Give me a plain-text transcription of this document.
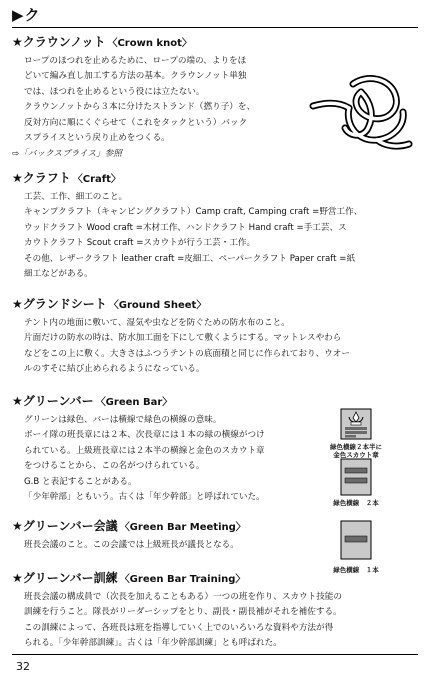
▶ク
★クラウンノット 〈Crown knot〉

ロープのほつれを止めるために、ロープの端の、よりをほ

どいて編み直し加工する方法の基本。クラウンノット単独

では、ほつれを止めるという役には立たない。

クラウンノットから３本に分けたストランド（撚り子）を、

反対方向に順にくぐらせて（これをタックという）バック

スプライスという戻り止めをつくる。

⇨「バックスプライス」参照
★クラフト 〈Craft〉

工芸、工作、細工のこと。

キャンプクラフト（キャンピングクラフト）Camp craft, Camping craft =野営工作、

ウッドクラフト Wood craft =木材工作、ハンドクラフト Hand craft =手工芸、ス

カウトクラフト Scout craft =スカウトが行う工芸・工作。

その他、レザークラフト leather craft =皮細工、ペーパークラフト Paper craft =紙

細工などがある。

★グランドシート 〈Ground Sheet〉

テント内の地面に敷いて、湿気や虫などを防ぐための防水布のこと。

片面だけの防水の時は、防水加工面を下にして敷くようにする。マットレスやわら

などをこの上に敷く。大きさはふつうテントの底面積と同じに作られており、ウオー

ルのすそに結び止められるようになっている。

★グリーンバー 〈Green Bar〉

グリーンは緑色、バーは横線で緑色の横線の意味。

ボーイ隊の班長章には２本、次長章には１本の緑の横線がつけ

られている。上級班長章には２本半の横線と金色のスカウト章

をつけることから、この名がつけられている。

G.B と表記することがある。

「少年幹部」ともいう。古くは「年少幹部」と呼ばれていた。

緑色横線２本半に
金色スカウト章
緑色横線　２本
緑色横線　１本
★グリーンバー会議 〈Green Bar Meeting〉

班長会議のこと。この会議では上級班長が議長となる。

★グリーンバー訓練 〈Green Bar Training〉

班長会議の構成員で（次長を加えることもある）一つの班を作り、スカウト技能の

訓練を行うこと。隊長がリーダーシップをとり、副長・副長補がそれを補佐する。

この訓練によって、各班長は班を指導していく上でのいろいろな資料や方法が得

られる。「少年幹部訓練」。古くは「年少幹部訓練」とも呼ばれた。

32
